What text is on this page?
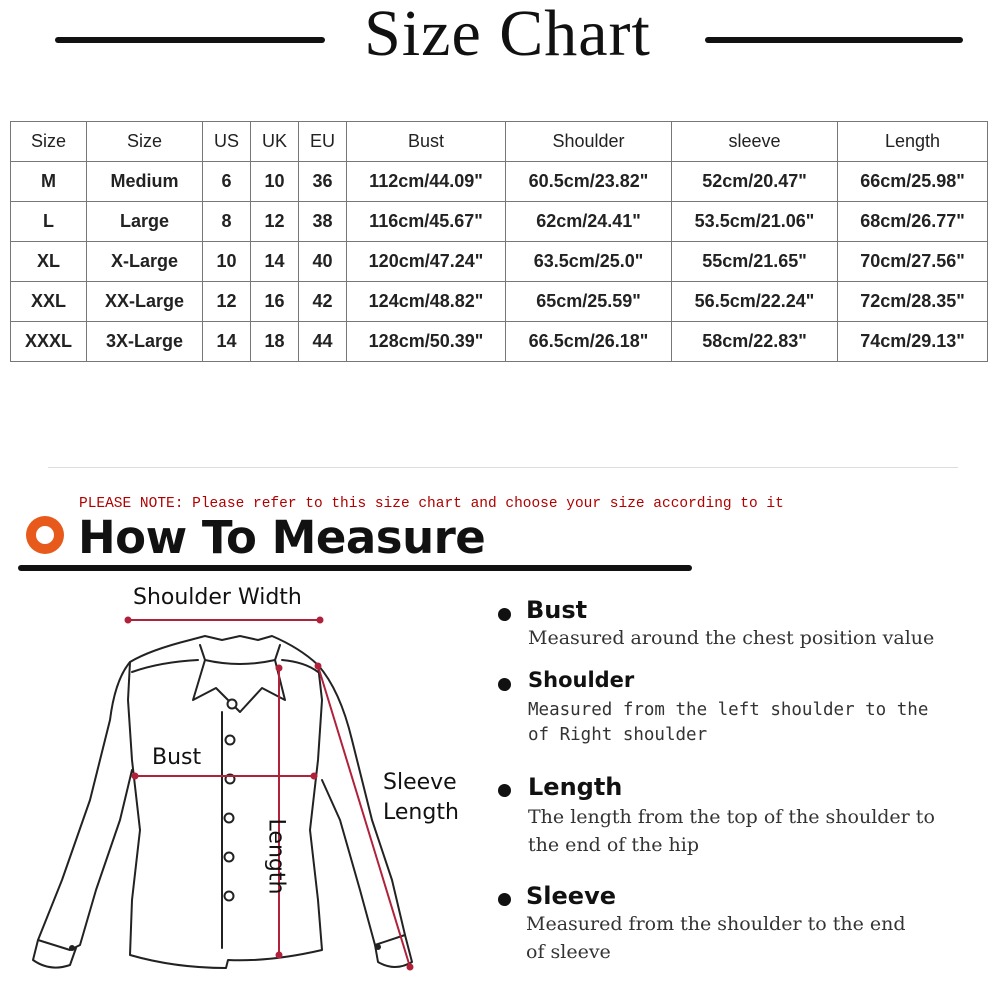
Size Chart
Size	Size	US	UK	EU	Bust	Shoulder	sleeve	Length
M	Medium	6	10	36	112cm/44.09"	60.5cm/23.82"	52cm/20.47"	66cm/25.98"
L	Large	8	12	38	116cm/45.67"	62cm/24.41"	53.5cm/21.06"	68cm/26.77"
XL	X-Large	10	14	40	120cm/47.24"	63.5cm/25.0"	55cm/21.65"	70cm/27.56"
XXL	XX-Large	12	16	42	124cm/48.82"	65cm/25.59"	56.5cm/22.24"	72cm/28.35"
XXXL	3X-Large	14	18	44	128cm/50.39"	66.5cm/26.18"	58cm/22.83"	74cm/29.13"
PLEASE NOTE: Please refer to this size chart and choose your size according to it
How To Measure
Shoulder Width
Bust
Sleeve
Length
Length
Bust
Measured around the chest position value
Shoulder
Measured from the left shoulder to the
of Right shoulder
Length
The length from the top of the shoulder to
the end of the hip
Sleeve
Measured from the shoulder to the end
of sleeve
